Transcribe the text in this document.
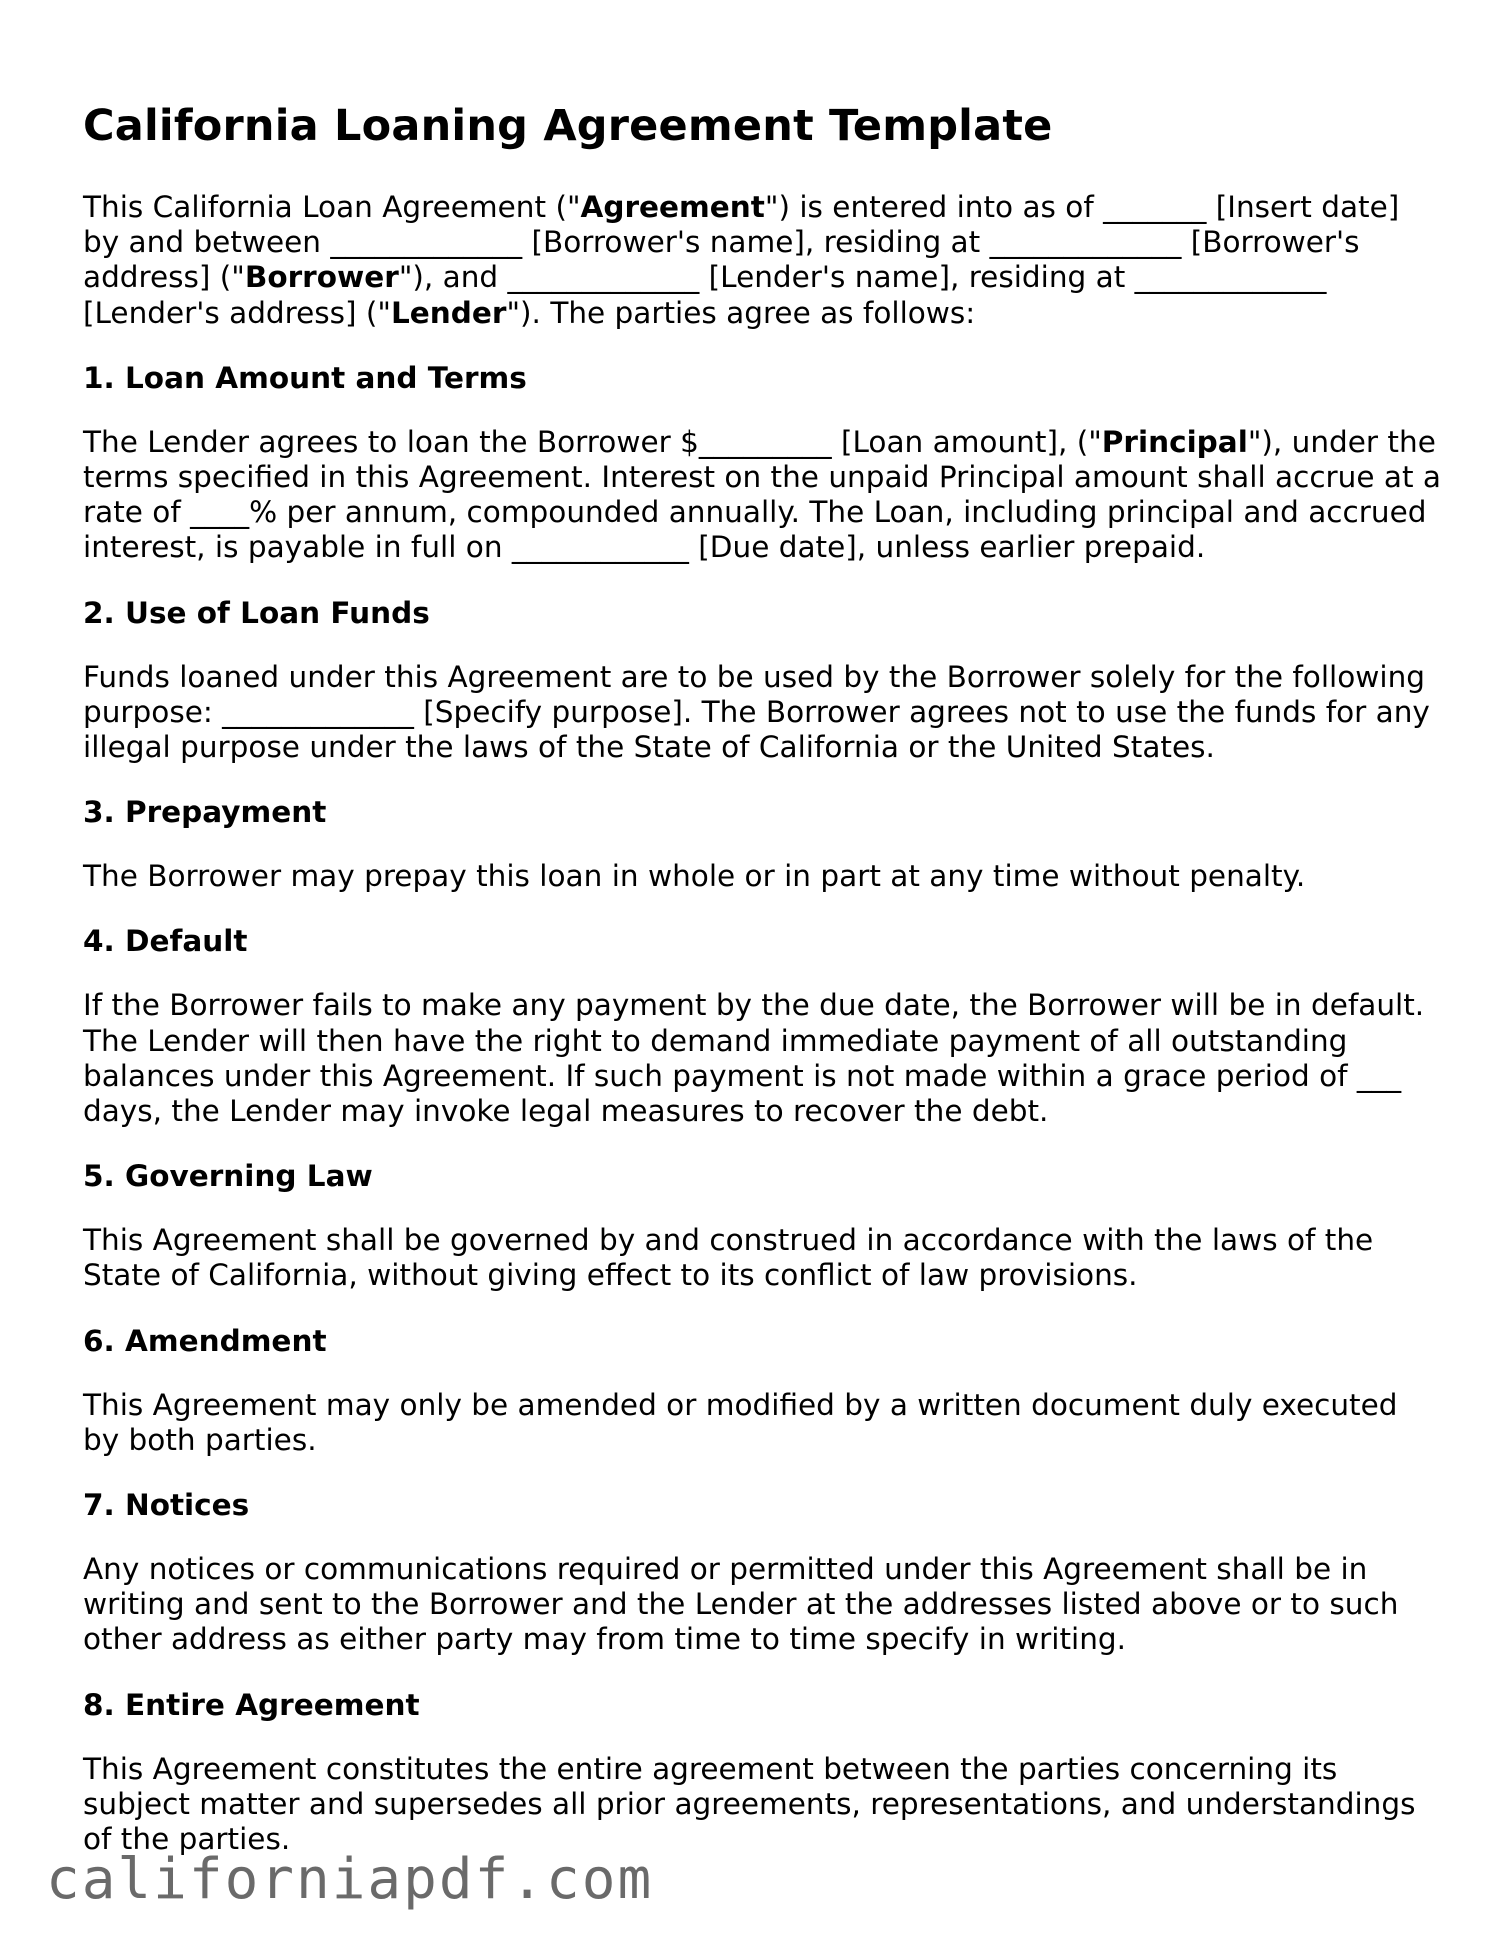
California Loaning Agreement Template

This California Loan Agreement ("Agreement") is entered into as of _______ [Insert date] by and between _____________ [Borrower's name], residing at _____________ [Borrower's address] ("Borrower"), and _____________ [Lender's name], residing at _____________ [Lender's address] ("Lender"). The parties agree as follows:

1. Loan Amount and Terms

The Lender agrees to loan the Borrower $_________ [Loan amount], ("Principal"), under the terms specified in this Agreement. Interest on the unpaid Principal amount shall accrue at a rate of ____% per annum, compounded annually. The Loan, including principal and accrued interest, is payable in full on ____________ [Due date], unless earlier prepaid.

2. Use of Loan Funds

Funds loaned under this Agreement are to be used by the Borrower solely for the following purpose: _____________ [Specify purpose]. The Borrower agrees not to use the funds for any illegal purpose under the laws of the State of California or the United States.

3. Prepayment

The Borrower may prepay this loan in whole or in part at any time without penalty.

4. Default

If the Borrower fails to make any payment by the due date, the Borrower will be in default. The Lender will then have the right to demand immediate payment of all outstanding balances under this Agreement. If such payment is not made within a grace period of ___ days, the Lender may invoke legal measures to recover the debt.

5. Governing Law

This Agreement shall be governed by and construed in accordance with the laws of the State of California, without giving effect to its conflict of law provisions.

6. Amendment

This Agreement may only be amended or modified by a written document duly executed by both parties.

7. Notices

Any notices or communications required or permitted under this Agreement shall be in writing and sent to the Borrower and the Lender at the addresses listed above or to such other address as either party may from time to time specify in writing.

8. Entire Agreement

This Agreement constitutes the entire agreement between the parties concerning its subject matter and supersedes all prior agreements, representations, and understandings of the parties.

californiapdf.com
